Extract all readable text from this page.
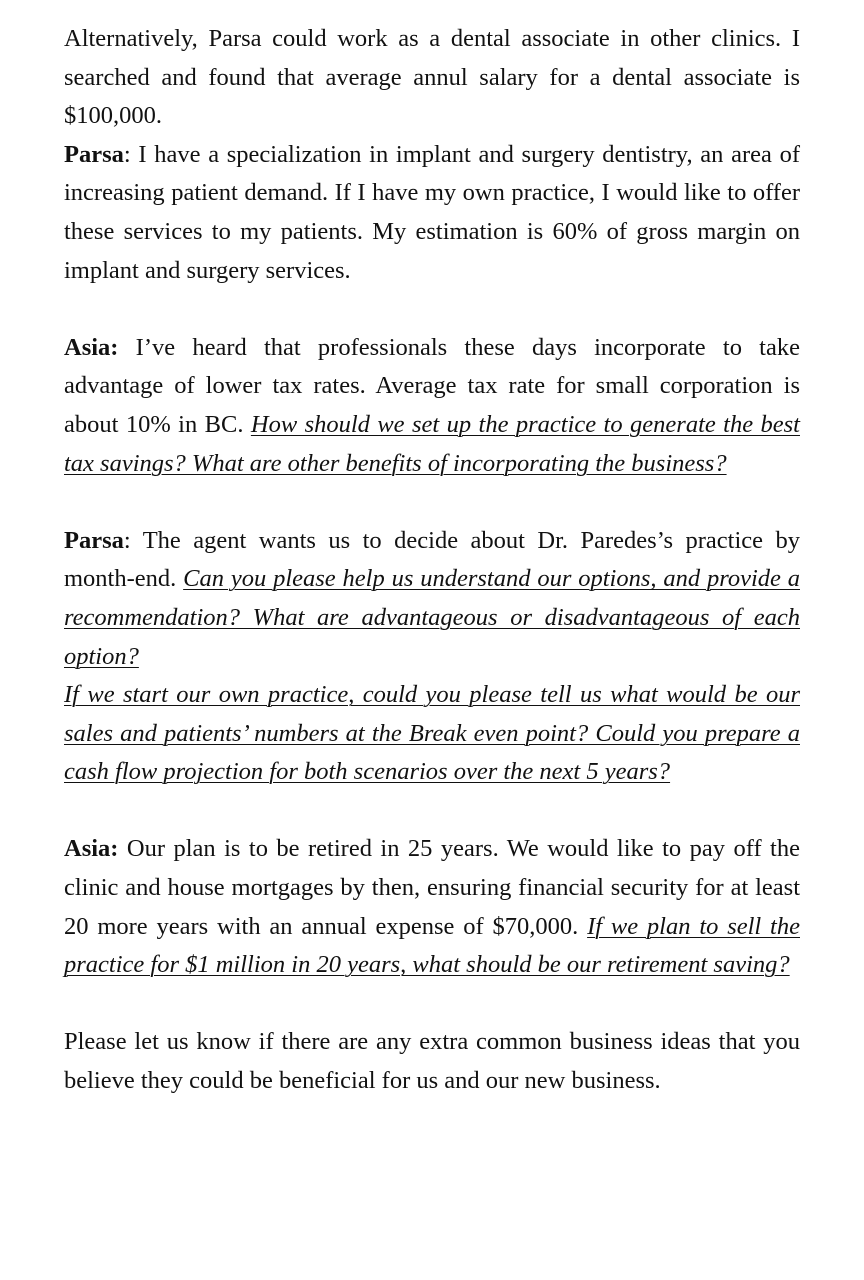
Alternatively, Parsa could work as a dental associate in other clinics. I searched and found that average annul salary for a dental associate is $100,000.

Parsa: I have a specialization in implant and surgery dentistry, an area of increasing patient demand. If I have my own practice, I would like to offer these services to my patients. My estimation is 60% of gross margin on implant and surgery services.

Asia: I’ve heard that professionals these days incorporate to take advantage of lower tax rates. Average tax rate for small corporation is about 10% in BC. How should we set up the practice to generate the best tax savings? What are other benefits of incorporating the business?

Parsa: The agent wants us to decide about Dr. Paredes’s practice by month-end. Can you please help us understand our options, and provide a recommendation? What are advantageous or disadvantageous of each option?

If we start our own practice, could you please tell us what would be our sales and patients’ numbers at the Break even point? Could you prepare a cash flow projection for both scenarios over the next 5 years?

Asia: Our plan is to be retired in 25 years. We would like to pay off the clinic and house mortgages by then, ensuring financial security for at least 20 more years with an annual expense of $70,000. If we plan to sell the practice for $1 million in 20 years, what should be our retirement saving?

Please let us know if there are any extra common business ideas that you believe they could be beneficial for us and our new business.
